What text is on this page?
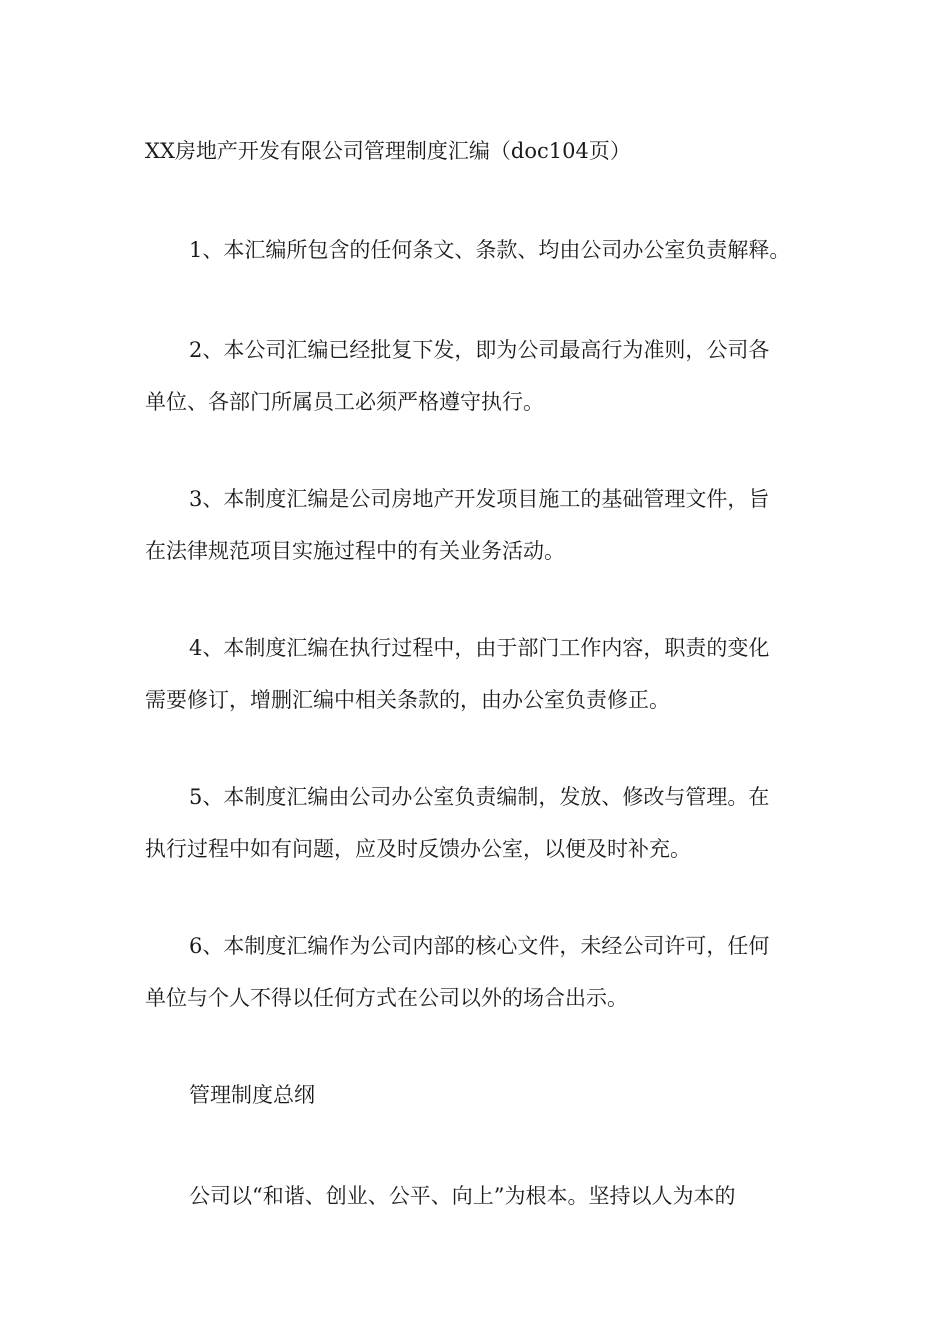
XX房地产开发有限公司管理制度汇编（doc104页）
1、本汇编所包含的任何条文、条款、均由公司办公室负责解释。
2、本公司汇编已经批复下发，即为公司最高行为准则，公司各
单位、各部门所属员工必须严格遵守执行。
3、本制度汇编是公司房地产开发项目施工的基础管理文件，旨
在法律规范项目实施过程中的有关业务活动。
4、本制度汇编在执行过程中，由于部门工作内容，职责的变化
需要修订，增删汇编中相关条款的，由办公室负责修正。
5、本制度汇编由公司办公室负责编制，发放、修改与管理。在
执行过程中如有问题，应及时反馈办公室，以便及时补充。
6、本制度汇编作为公司内部的核心文件，未经公司许可，任何
单位与个人不得以任何方式在公司以外的场合出示。
管理制度总纲
公司以“和谐、创业、公平、向上”为根本。坚持以人为本的
